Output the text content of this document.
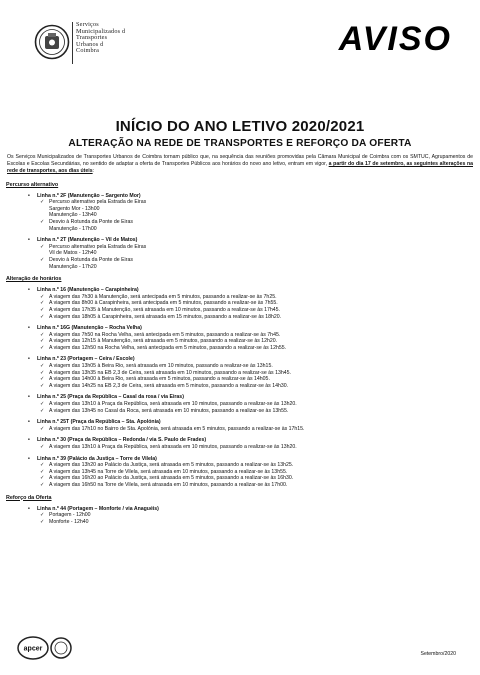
Serviços
Municipalizados d
Transportes
Urbanos d
Coimbra	AVISO
INÍCIO DO ANO LETIVO 2020/2021
ALTERAÇÃO NA REDE DE TRANSPORTES E REFORÇO DA OFERTA
Os Serviços Municipalizados de Transportes Urbanos de Coimbra tornam público que, na sequência das reuniões promovidas pela Câmara Municipal de Coimbra com os SMTUC, Agrupamentos de Escolas e Escolas Secundárias, no sentido de adaptar a oferta de Transportes Públicos aos horários do novo ano letivo, entram em vigor, a partir do dia 17 de setembro, as seguintes alterações na rede de transportes, aos dias úteis:
Percurso alternativo
• Linha n.º 2F (Manutenção – Sargento Mor)
✓ Percurso alternativo pela Estrada de Eiras
Sargento Mor - 13h00
Manutenção - 13h40
✓ Desvio à Rotunda da Ponte de Eiras
Manutenção - 17h00
• Linha n.º 2T (Manutenção – Vil de Matos)
✓ Percurso alternativo pela Estrada de Eiras
Vil de Matos - 12h40
✓ Desvio à Rotunda da Ponte de Eiras
Manutenção - 17h20
Alteração de horários
• Linha n.º 16 (Manutenção – Carapinheira)
✓ A viagem das 7h30 à Manutenção, será antecipada em 5 minutos, passando a realizar-se às 7h25.
✓ A viagem das 8h00 à Carapinheira, será antecipada em 5 minutos, passando a realizar-se às 7h55.
✓ A viagem das 17h35 à Manutenção, será atrasada em 10 minutos, passando a realizar-se às 17h45.
✓ A viagem das 18h05 à Carapinheira, será atrasada em 15 minutos, passando a realizar-se às 18h20.
• Linha n.º 16G (Manutenção – Rocha Velha)
✓ A viagem das 7h50 na Rocha Velha, será antecipada em 5 minutos, passando a realizar-se às 7h45.
✓ A viagem das 12h15 à Manutenção, será atrasada em 5 minutos, passando a realizar-se às 12h20.
✓ A viagem das 12h50 na Rocha Velha, será antecipada em 5 minutos, passando a realizar-se às 12h55.
• Linha n.º 23 (Portagem – Ceira / Escole)
✓ A viagem das 13h05 à Beira Rio, será atrasada em 10 minutos, passando a realizar-se às 13h15.
✓ A viagem das 13h35 na EB 2,3 de Ceira, será atrasada em 10 minutos, passando a realizar-se às 13h45.
✓ A viagem das 14h00 à Beira Rio, será atrasada em 5 minutos, passando a realizar-se às 14h05.
✓ A viagem das 14h25 na EB 2,3 de Ceira, será atrasada em 5 minutos, passando a realizar-se às 14h30.
• Linha n.º 25 (Praça da República – Casal da rosa / via Eiras)
✓ A viagem das 13h10 à Praça da República, será atrasada em 10 minutos, passando a realizar-se às 13h20.
✓ A viagem das 13h45 no Casal da Roca, será atrasada em 10 minutos, passando a realizar-se às 13h55.
• Linha n.º 25T (Praça da República – Sta. Apolónia)
✓ A viagem das 17h10 no Bairro de Sta. Apolónia, será atrasada em 5 minutos, passando a realizar-se às 17h15.
• Linha n.º 30 (Praça da República – Redonda / via S. Paulo de Frades)
✓ A viagem das 13h10 à Praça da República, será atrasada em 10 minutos, passando a realizar-se às 13h20.
• Linha n.º 39 (Palácio da Justiça – Torre de Vilela)
✓ A viagem das 13h20 ao Palácio da Justiça, será atrasada em 5 minutos, passando a realizar-se às 13h25.
✓ A viagem das 13h45 na Torre de Vilela, será atrasada em 10 minutos, passando a realizar-se às 13h55.
✓ A viagem das 16h20 ao Palácio da Justiça, será atrasada em 5 minutos, passando a realizar-se às 16h30.
✓ A viagem das 16h50 na Torre de Vilela, será atrasada em 10 minutos, passando a realizar-se às 17h00.
Reforço da Oferta
• Linha n.º 44 (Portagem – Monforte / via Anaguéis)
✓ Portagem - 12h00
✓ Monforte - 12h40
apcer
Setembro/2020
